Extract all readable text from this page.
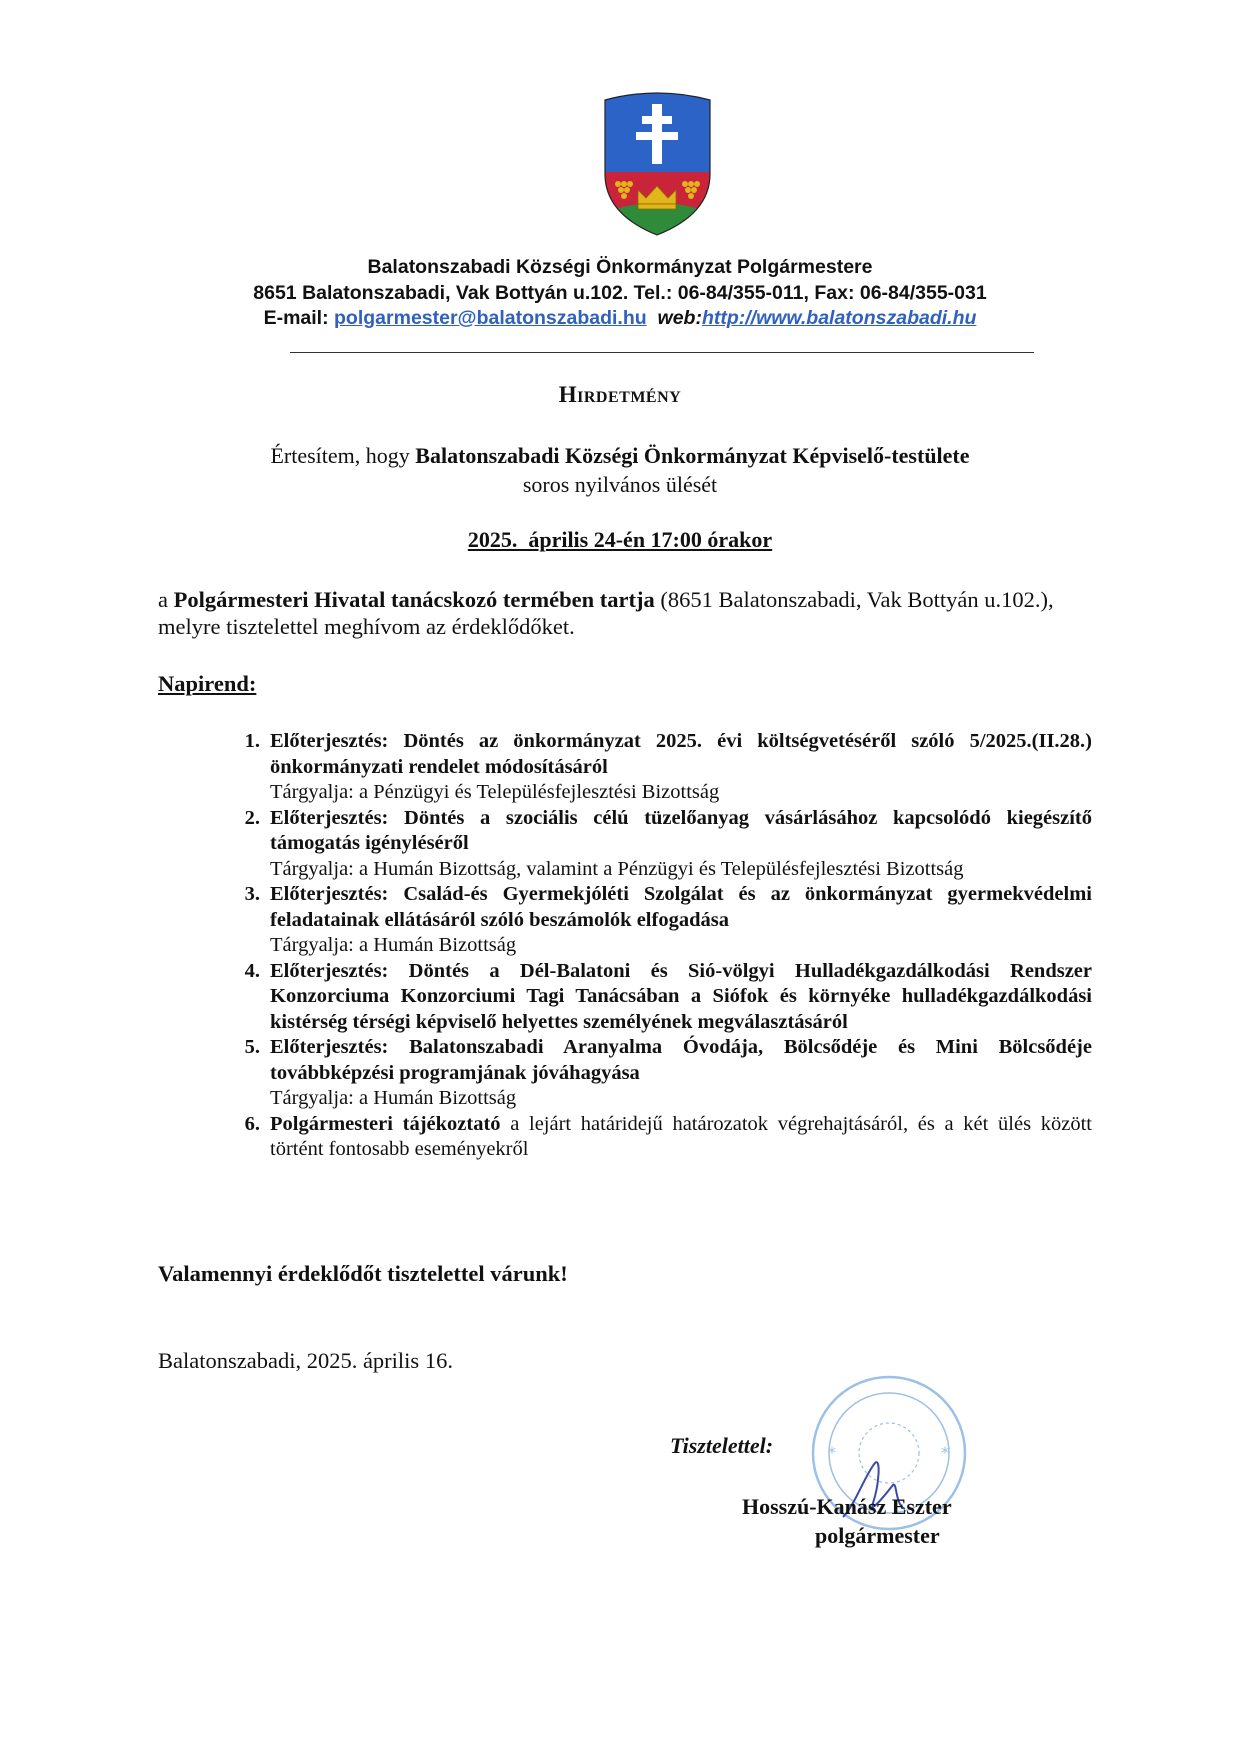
Balatonszabadi Községi Önkormányzat Polgármestere
8651 Balatonszabadi, Vak Bottyán u.102. Tel.: 06-84/355-011, Fax: 06-84/355-031
E-mail: polgarmester@balatonszabadi.hu web:http://www.balatonszabadi.hu
Hirdetmény
Értesítem, hogy Balatonszabadi Községi Önkormányzat Képviselő-testülete
soros nyilvános ülését
2025.  április 24-én 17:00 órakor
a Polgármesteri Hivatal tanácskozó termében tartja (8651 Balatonszabadi, Vak Bottyán u.102.),
melyre tisztelettel meghívom az érdeklődőket.
Napirend:
1. Előterjesztés: Döntés az önkormányzat 2025. évi költségvetéséről szóló 5/2025.(II.28.) önkormányzati rendelet módosításáról
Tárgyalja: a Pénzügyi és Településfejlesztési Bizottság
2. Előterjesztés: Döntés a szociális célú tüzelőanyag vásárlásához kapcsolódó kiegészítő támogatás igényléséről
Tárgyalja: a Humán Bizottság, valamint a Pénzügyi és Településfejlesztési Bizottság
3. Előterjesztés: Család-és Gyermekjóléti Szolgálat és az önkormányzat gyermekvédelmi feladatainak ellátásáról szóló beszámolók elfogadása
Tárgyalja: a Humán Bizottság
4. Előterjesztés: Döntés a Dél-Balatoni és Sió-völgyi Hulladékgazdálkodási Rendszer Konzorciuma Konzorciumi Tagi Tanácsában a Siófok és környéke hulladékgazdálkodási kistérség térségi képviselő helyettes személyének megválasztásáról
5. Előterjesztés: Balatonszabadi Aranyalma Óvodája, Bölcsődéje és Mini Bölcsődéje továbbképzési programjának jóváhagyása
Tárgyalja: a Humán Bizottság
6. Polgármesteri tájékoztató a lejárt határidejű határozatok végrehajtásáról, és a két ülés között történt fontosabb eseményekről
Valamennyi érdeklődőt tisztelettel várunk!
Balatonszabadi, 2025. április 16.
*	*
Tisztelettel:
Hosszú-Kanász Eszter
polgármester
